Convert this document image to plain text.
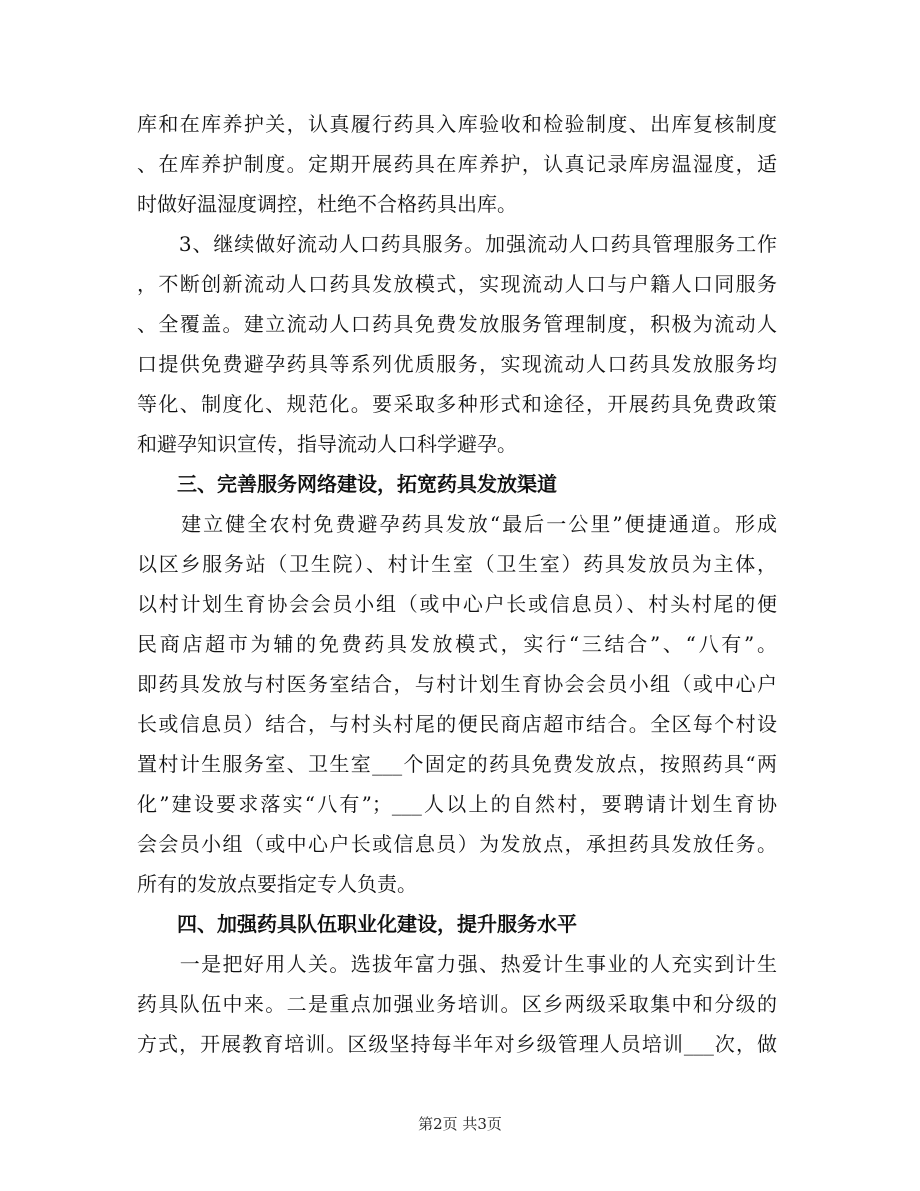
库和在库养护关，认真履行药具入库验收和检验制度、出库复核制度
、在库养护制度。定期开展药具在库养护，认真记录库房温湿度，适
时做好温湿度调控，杜绝不合格药具出库。
　　3、继续做好流动人口药具服务。加强流动人口药具管理服务工作
，不断创新流动人口药具发放模式，实现流动人口与户籍人口同服务
、全覆盖。建立流动人口药具免费发放服务管理制度，积极为流动人
口提供免费避孕药具等系列优质服务，实现流动人口药具发放服务均
等化、制度化、规范化。要采取多种形式和途径，开展药具免费政策
和避孕知识宣传，指导流动人口科学避孕。
三、完善服务网络建设，拓宽药具发放渠道
　　建立健全农村免费避孕药具发放“最后一公里”便捷通道。形成
以区乡服务站（卫生院）、村计生室（卫生室）药具发放员为主体，
以村计划生育协会会员小组（或中心户长或信息员）、村头村尾的便
民商店超市为辅的免费药具发放模式，实行“三结合”、“八有”。
即药具发放与村医务室结合，与村计划生育协会会员小组（或中心户
长或信息员）结合，与村头村尾的便民商店超市结合。全区每个村设
置村计生服务室、卫生室___个固定的药具免费发放点，按照药具“两
化”建设要求落实“八有”；___人以上的自然村，要聘请计划生育协
会会员小组（或中心户长或信息员）为发放点，承担药具发放任务。
所有的发放点要指定专人负责。
四、加强药具队伍职业化建设，提升服务水平
　　一是把好用人关。选拔年富力强、热爱计生事业的人充实到计生
药具队伍中来。二是重点加强业务培训。区乡两级采取集中和分级的
方式，开展教育培训。区级坚持每半年对乡级管理人员培训___次，做
第2页 共3页
